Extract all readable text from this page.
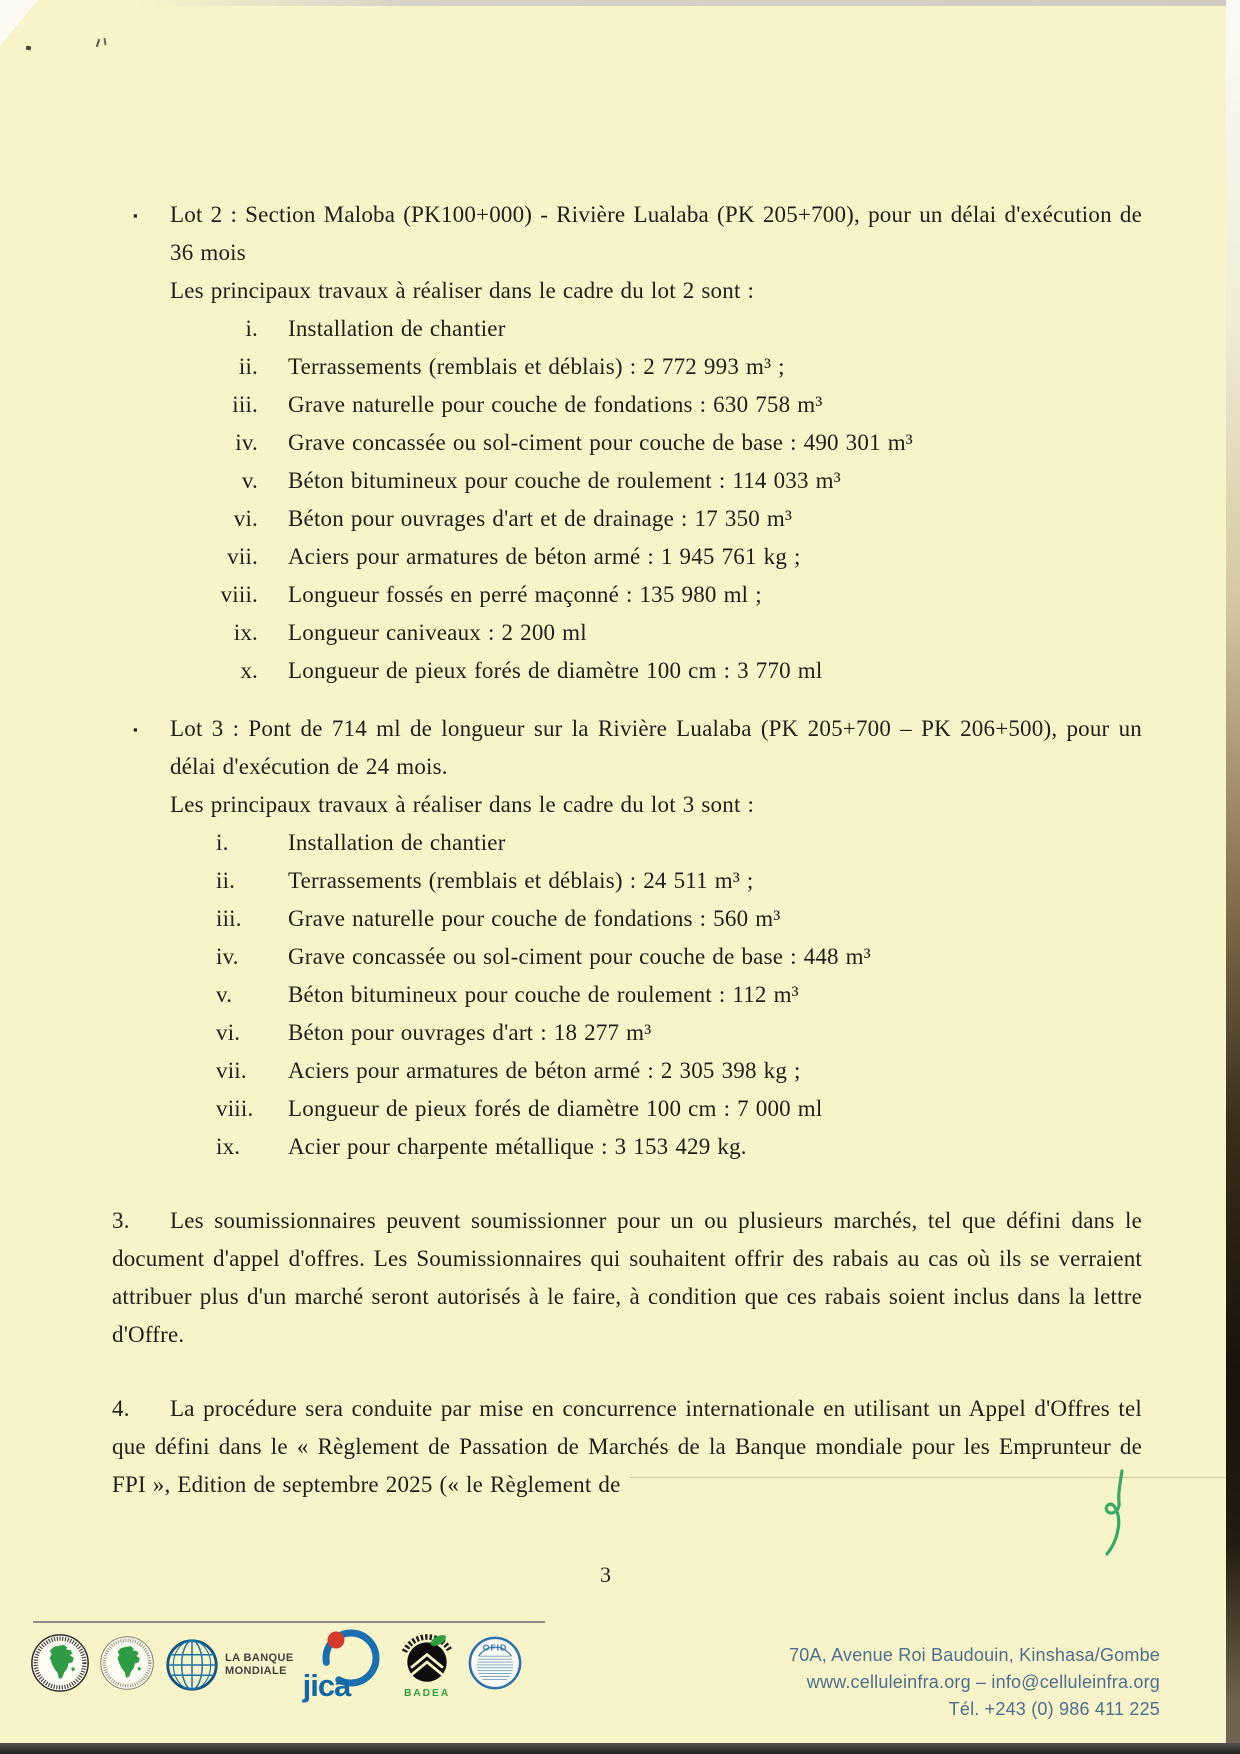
▪ Lot 2 : Section Maloba (PK100+000) - Rivière Lualaba (PK 205+700), pour un délai d'exécution de 36 mois

Les principaux travaux à réaliser dans le cadre du lot 2 sont :

i. Installation de chantier
ii. Terrassements (remblais et déblais) : 2 772 993 m³ ;
iii. Grave naturelle pour couche de fondations : 630 758 m³
iv. Grave concassée ou sol-ciment pour couche de base : 490 301 m³
v. Béton bitumineux pour couche de roulement : 114 033 m³
vi. Béton pour ouvrages d'art et de drainage : 17 350 m³
vii. Aciers pour armatures de béton armé : 1 945 761 kg ;
viii. Longueur fossés en perré maçonné : 135 980 ml ;
ix. Longueur caniveaux : 2 200 ml
x. Longueur de pieux forés de diamètre 100 cm : 3 770 ml
▪ Lot 3 : Pont de 714 ml de longueur sur la Rivière Lualaba (PK 205+700 – PK 206+500), pour un délai d'exécution de 24 mois.

Les principaux travaux à réaliser dans le cadre du lot 3 sont :

i.	Installation de chantier
ii.	Terrassements (remblais et déblais) : 24 511 m³ ;
iii.	Grave naturelle pour couche de fondations : 560 m³
iv.	Grave concassée ou sol-ciment pour couche de base : 448 m³
v.	Béton bitumineux pour couche de roulement : 112 m³
vi.	Béton pour ouvrages d'art : 18 277 m³
vii.	Aciers pour armatures de béton armé : 2 305 398 kg ;
viii.	Longueur de pieux forés de diamètre 100 cm : 7 000 ml
ix.	Acier pour charpente métallique : 3 153 429 kg.

3. Les soumissionnaires peuvent soumissionner pour un ou plusieurs marchés, tel que défini dans le document d'appel d'offres. Les Soumissionnaires qui souhaitent offrir des rabais au cas où ils se verraient attribuer plus d'un marché seront autorisés à le faire, à condition que ces rabais soient inclus dans la lettre d'Offre.

4. La procédure sera conduite par mise en concurrence internationale en utilisant un Appel d'Offres tel que défini dans le « Règlement de Passation de Marchés de la Banque mondiale pour les Emprunteur de FPI », Edition de septembre 2025 (« le Règlement de

3
LA BANQUE
MONDIALE jica	BADEA
OFID	70A, Avenue Roi Baudouin, Kinshasa/Gombe
www.celluleinfra.org – info@celluleinfra.org
Tél. +243 (0) 986 411 225
